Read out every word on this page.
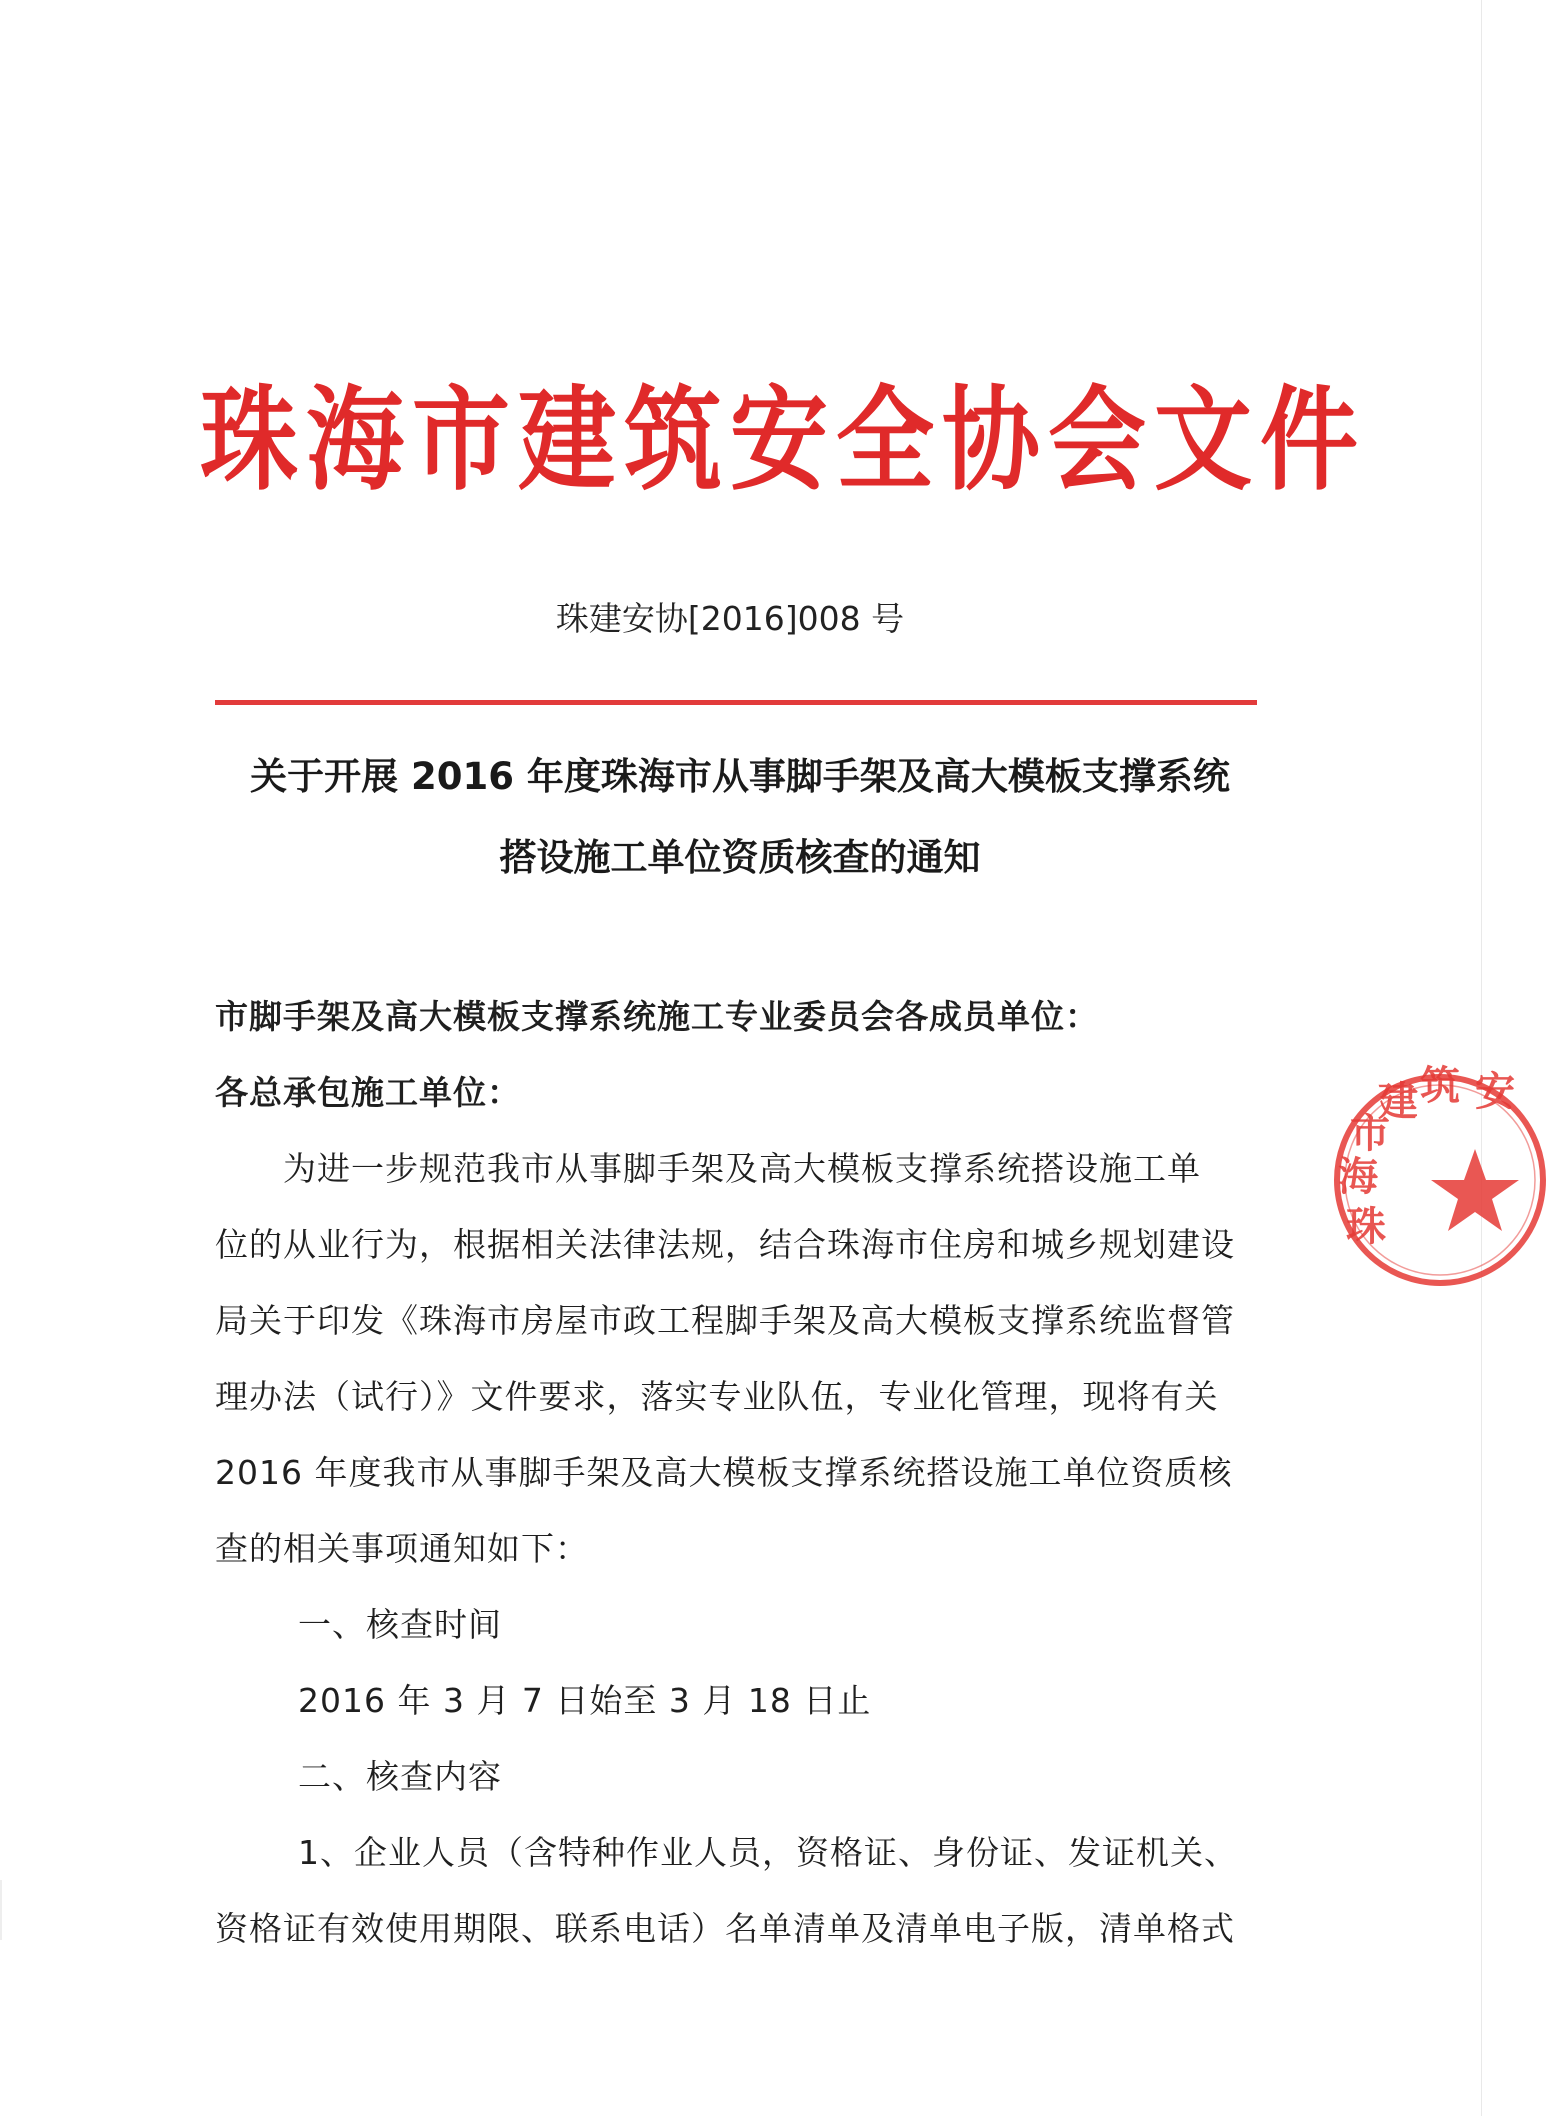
珠海市建筑安全协会文件
珠建安协[2016]008 号
关于开展 2016 年度珠海市从事脚手架及高大模板支撑系统
搭设施工单位资质核查的通知
市脚手架及高大模板支撑系统施工专业委员会各成员单位：
各总承包施工单位：
为进一步规范我市从事脚手架及高大模板支撑系统搭设施工单
位的从业行为，根据相关法律法规，结合珠海市住房和城乡规划建设
局关于印发《珠海市房屋市政工程脚手架及高大模板支撑系统监督管
理办法（试行）》文件要求，落实专业队伍，专业化管理，现将有关
2016 年度我市从事脚手架及高大模板支撑系统搭设施工单位资质核
查的相关事项通知如下：
一、核查时间
2016 年 3 月 7 日始至 3 月 18 日止
二、核查内容
1、企业人员（含特种作业人员，资格证、身份证、发证机关、
资格证有效使用期限、联系电话）名单清单及清单电子版，清单格式
珠 海 市 建 筑 安
